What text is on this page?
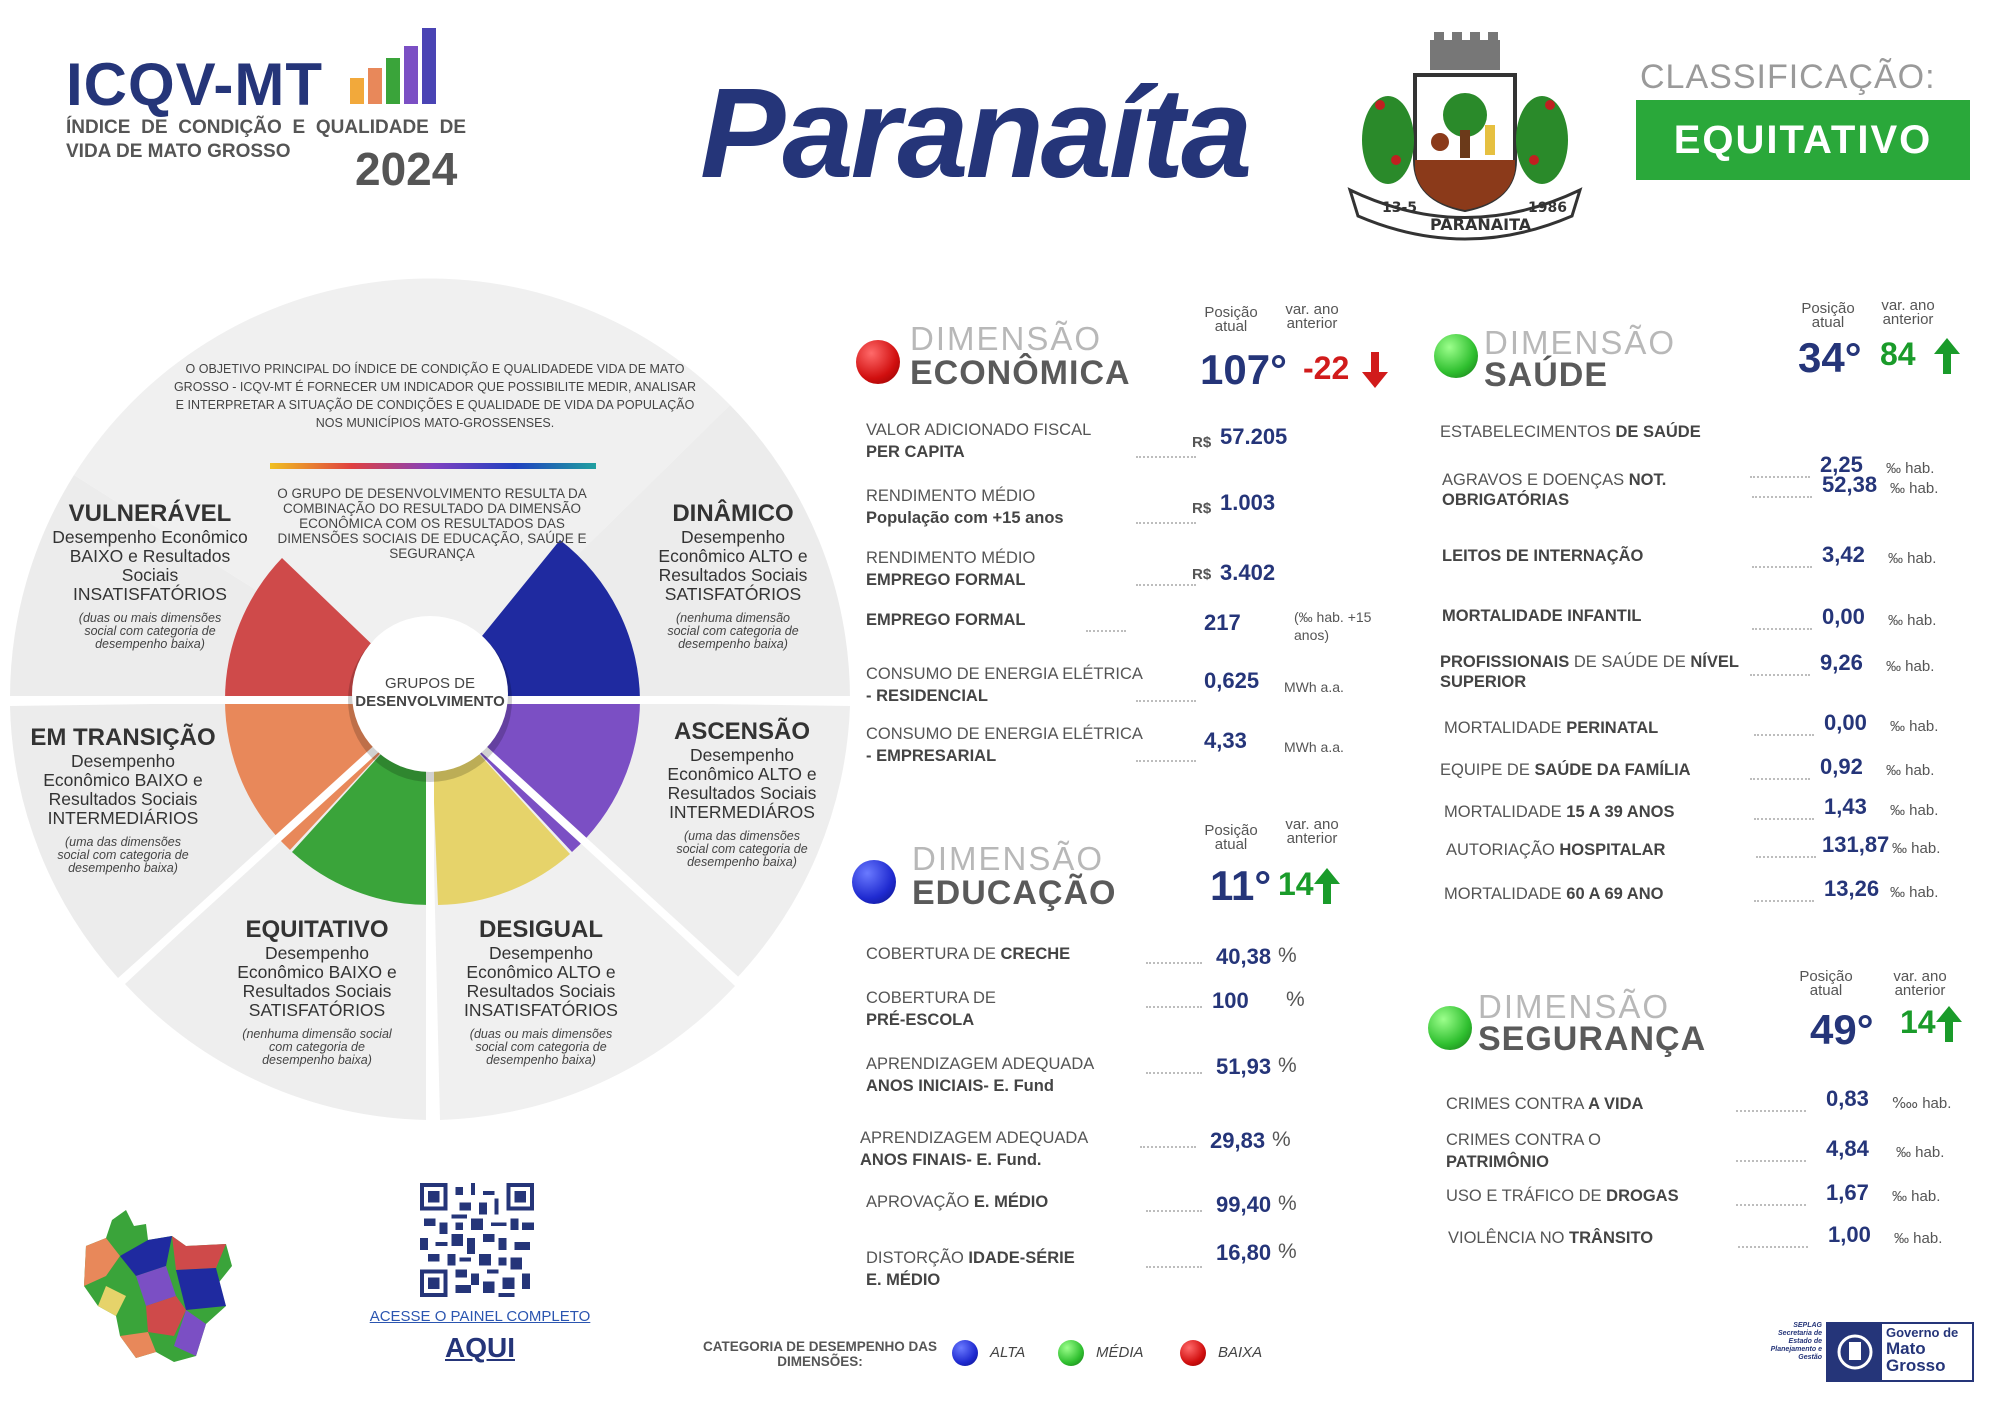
ICQV-MT
ÍNDICE DE CONDIÇÃO E QUALIDADE DE VIDA DE MATO GROSSO	2024 Paranaíta
13-5
PARANAITA
1986
CLASSIFICAÇÃO:
EQUITATIVO
O OBJETIVO PRINCIPAL DO ÍNDICE DE CONDIÇÃO E QUALIDADEDE VIDA DE MATO GROSSO - ICQV-MT É FORNECER UM INDICADOR QUE POSSIBILITE MEDIR, ANALISAR E INTERPRETAR A SITUAÇÃO DE CONDIÇÕES E QUALIDADE DE VIDA DA POPULAÇÃO NOS MUNICÍPIOS MATO-GROSSENSES.
O GRUPO DE DESENVOLVIMENTO RESULTA DA COMBINAÇÃO DO RESULTADO DA DIMENSÃO ECONÔMICA COM OS RESULTADOS DAS DIMENSÕES SOCIAIS DE EDUCAÇÃO, SAÚDE E SEGURANÇA
GRUPOS DE
DESENVOLVIMENTO
VULNERÁVEL
Desempenho Econômico BAIXO e Resultados Sociais INSATISFATÓRIOS
(duas ou mais dimensões social com categoria de desempenho baixa)
DINÂMICO
Desempenho Econômico ALTO e Resultados Sociais SATISFATÓRIOS
(nenhuma dimensão social com categoria de desempenho baixa)
EM TRANSIÇÃO
Desempenho Econômico BAIXO e Resultados Sociais INTERMEDIÁRIOS
(uma das dimensões social com categoria de desempenho baixa)
ASCENSÃO
Desempenho Econômico ALTO e Resultados Sociais INTERMEDIÁROS
(uma das dimensões social com categoria de desempenho baixa)
EQUITATIVO
Desempenho Econômico BAIXO e Resultados Sociais SATISFATÓRIOS
(nenhuma dimensão social com categoria de desempenho baixa)
DESIGUAL
Desempenho Econômico ALTO e Resultados Sociais INSATISFATÓRIOS
(duas ou mais dimensões social com categoria de desempenho baixa)
DIMENSÃO
ECONÔMICA
Posição
atual
var. ano
anterior
107° -22
VALOR ADICIONADO FISCAL
PER CAPITA
R$ 57.205
RENDIMENTO MÉDIO
População com +15 anos
R$ 1.003
RENDIMENTO MÉDIO
EMPREGO FORMAL	R$ 3.402
EMPREGO FORMAL	217	(‰ hab. +15 anos)
CONSUMO DE ENERGIA ELÉTRICA
- RESIDENCIAL
0,625 MWh a.a.
CONSUMO DE ENERGIA ELÉTRICA
- EMPRESARIAL
4,33	MWh a.a.
DIMENSÃO
EDUCAÇÃO
Posição
atual
var. ano
anterior
11° 14
COBERTURA DE CRECHE	40,38 %
COBERTURA DE
PRÉ-ESCOLA
100 %
APRENDIZAGEM ADEQUADA
ANOS INICIAIS- E. Fund
51,93 %
APRENDIZAGEM ADEQUADA
ANOS FINAIS- E. Fund.
29,83 %
APROVAÇÃO E. MÉDIO	99,40 %
DISTORÇÃO IDADE-SÉRIE
E. MÉDIO
16,80 %
DIMENSÃO
SAÚDE
Posição
atual
var. ano
anterior
34° 84
ESTABELECIMENTOS DE SAÚDE
2,25 ‰ hab.
AGRAVOS E DOENÇAS NOT.
OBRIGATÓRIAS
52,38 ‰ hab.
LEITOS DE INTERNAÇÃO	3,42 ‰ hab.
MORTALIDADE INFANTIL	0,00 ‰ hab.
PROFISSIONAIS DE SAÚDE DE NÍVEL
SUPERIOR
9,26 ‰ hab.
MORTALIDADE PERINATAL	0,00 ‰ hab.
EQUIPE DE SAÚDE DA FAMÍLIA	0,92 ‰ hab.
MORTALIDADE 15 A 39 ANOS	1,43 ‰ hab.
AUTORIAÇÃO HOSPITALAR	131,87 ‰ hab.
MORTALIDADE 60 A 69 ANO	13,26 ‰ hab.
DIMENSÃO
SEGURANÇA
Posição
atual
var. ano
anterior
49° 14
CRIMES CONTRA A VIDA	0,83 ‱ hab.
CRIMES CONTRA O
PATRIMÔNIO
4,84 ‰ hab.
USO E TRÁFICO DE DROGAS	1,67 ‰ hab.
VIOLÊNCIA NO TRÂNSITO	1,00 ‰ hab.
ACESSE O PAINEL COMPLETO
AQUI	CATEGORIA DE DESEMPENHO DAS DIMENSÕES:
ALTA	MÉDIA	BAIXA
SEPLAG Secretaria de Estado de Planejamento e Gestão
Governo de
Mato
Grosso
